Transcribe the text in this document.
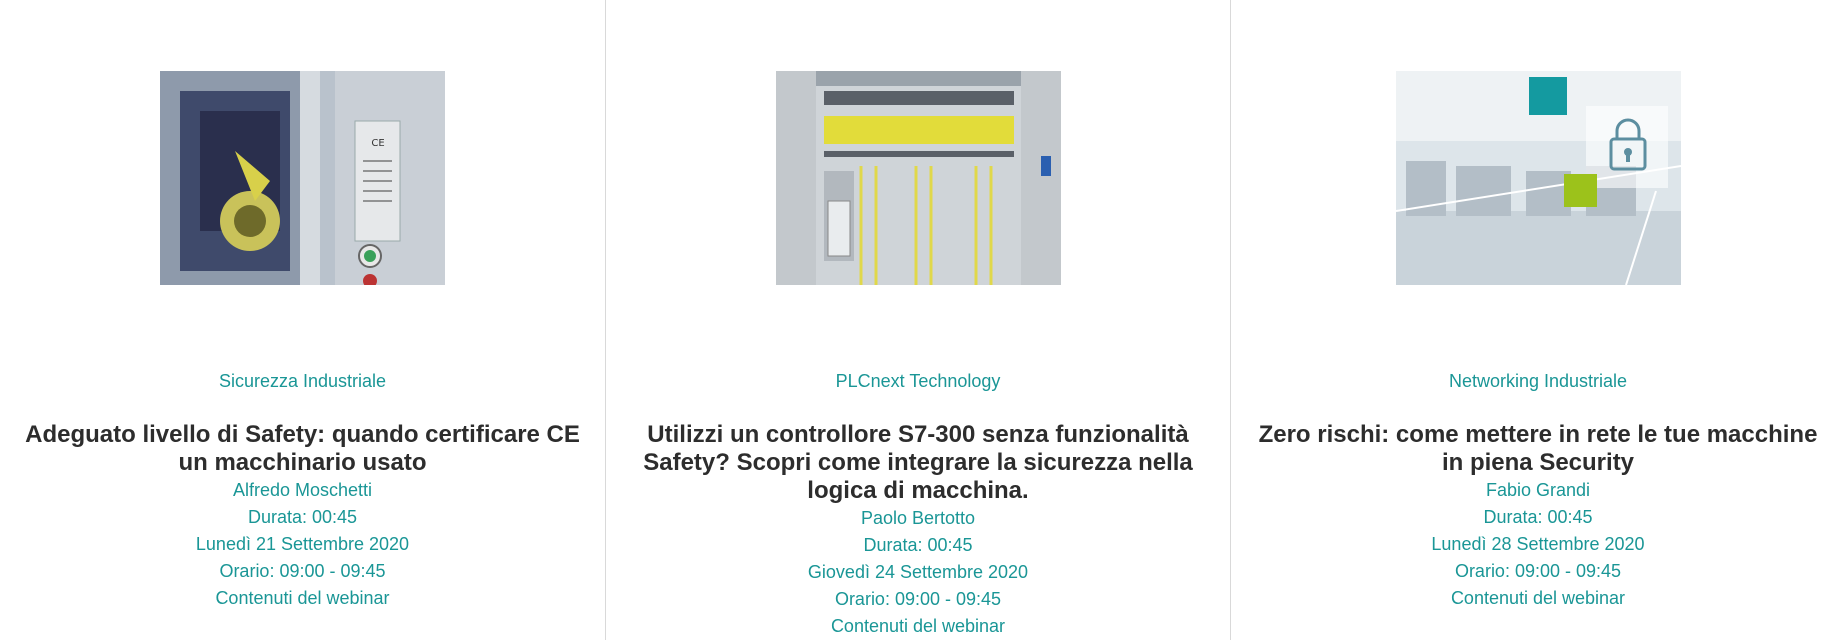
CE
Sicurezza Industriale
Adeguato livello di Safety: quando certificare CE un macchinario usato
Alfredo Moschetti
Durata: 00:45
Lunedì 21 Settembre 2020
Orario: 09:00 - 09:45
Contenuti del webinar
PLCnext Technology
Utilizzi un controllore S7-300 senza funzionalità Safety? Scopri come integrare la sicurezza nella logica di macchina.
Paolo Bertotto
Durata: 00:45
Giovedì 24 Settembre 2020
Orario: 09:00 - 09:45
Contenuti del webinar
Networking Industriale
Zero rischi: come mettere in rete le tue macchine in piena Security
Fabio Grandi
Durata: 00:45
Lunedì 28 Settembre 2020
Orario: 09:00 - 09:45
Contenuti del webinar
